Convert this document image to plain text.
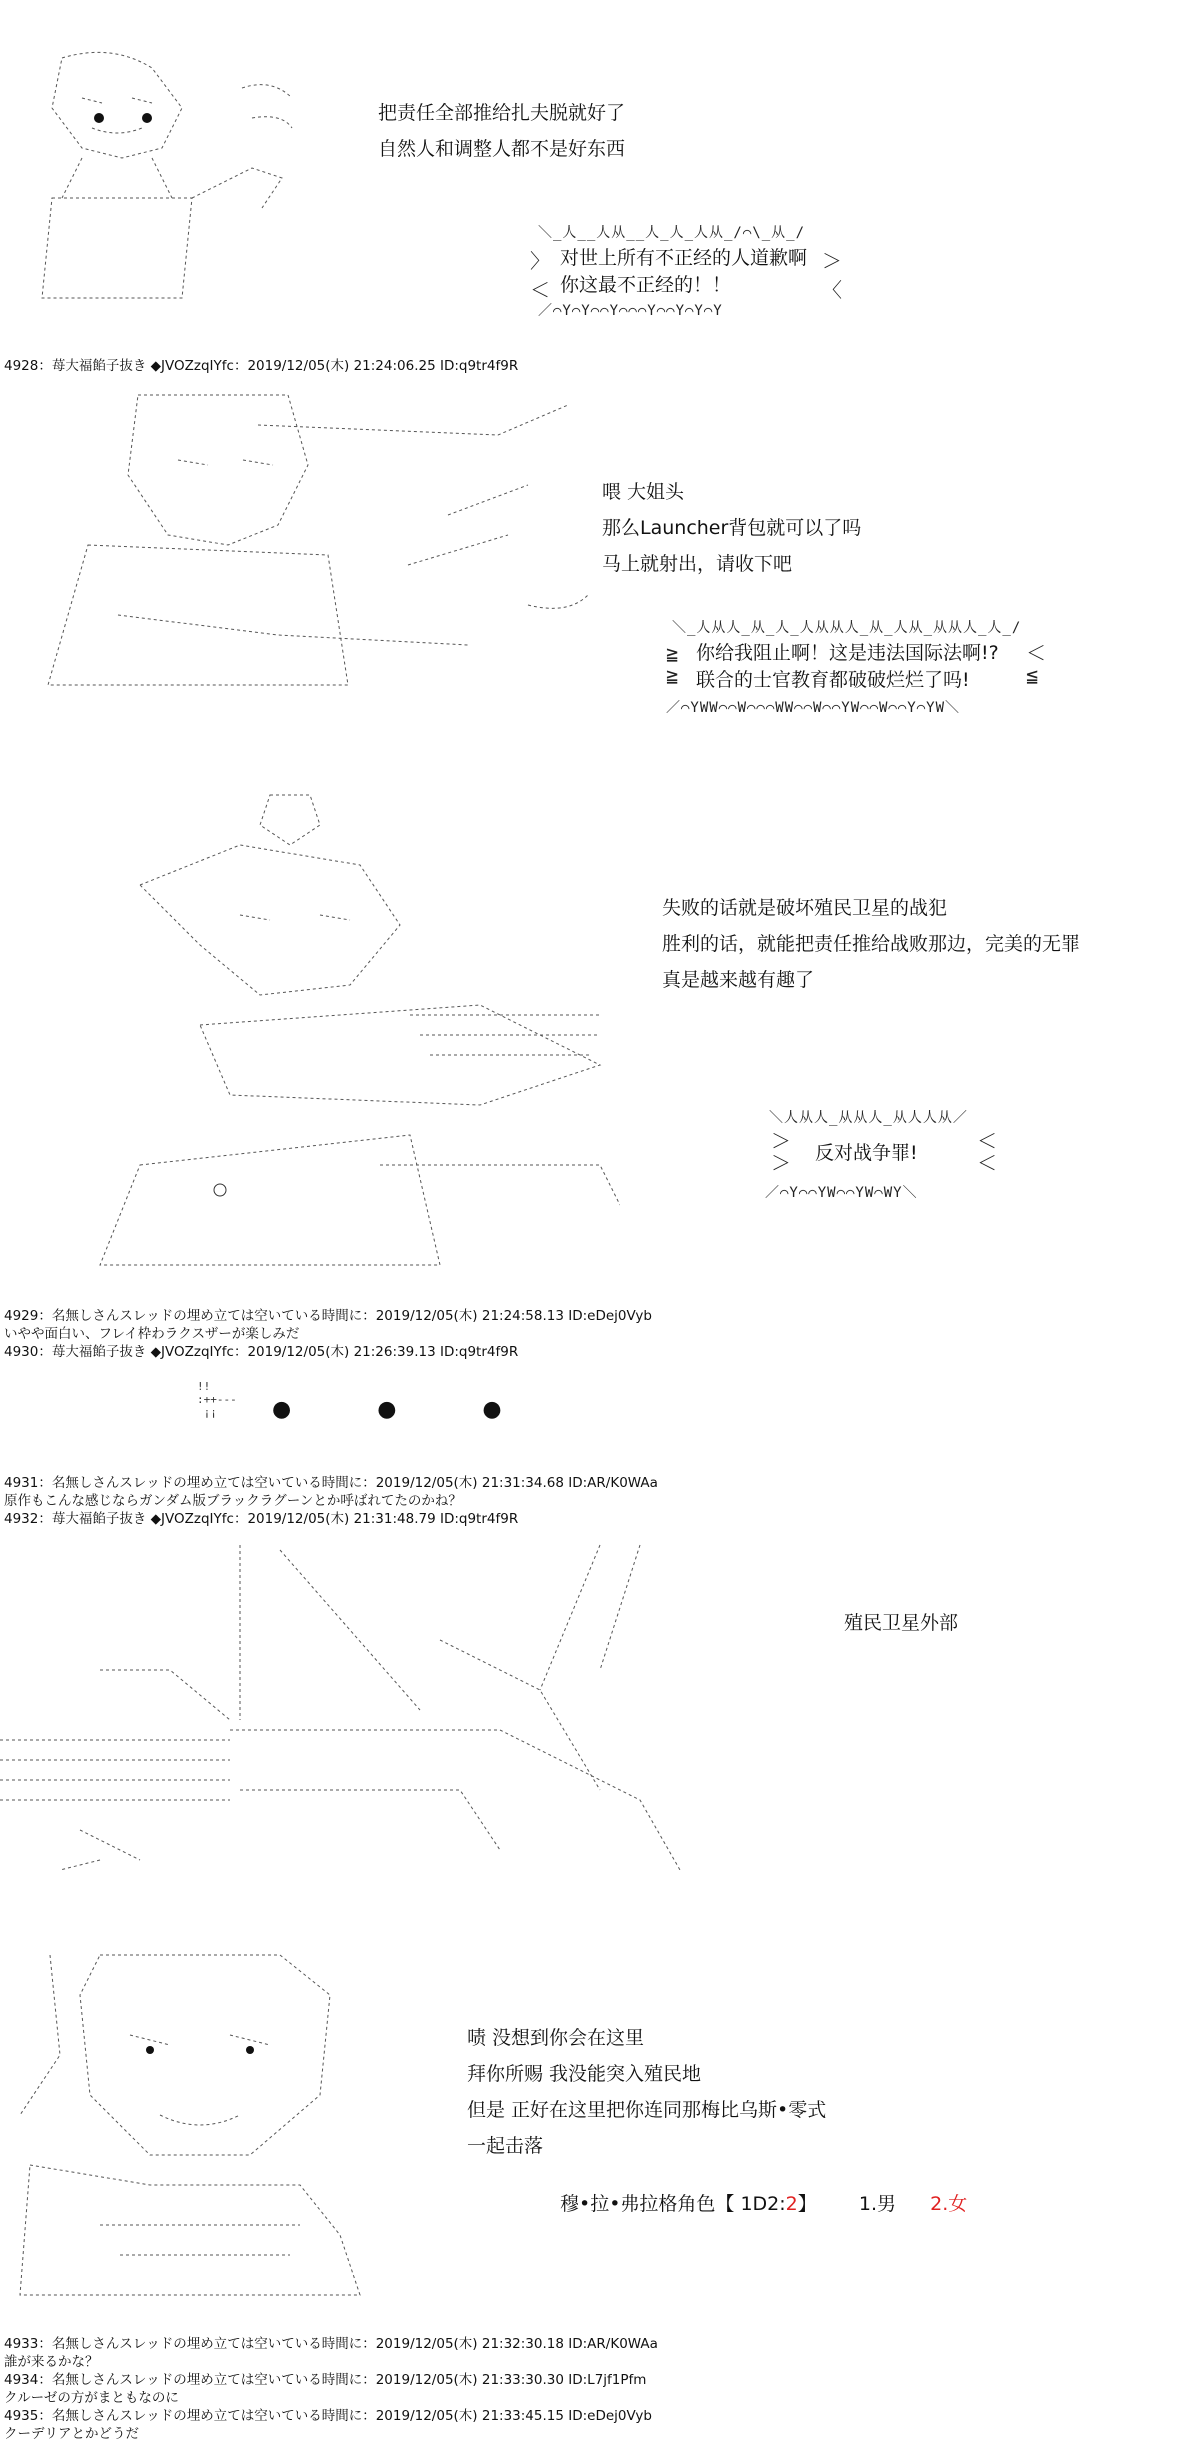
把责任全部推给扎夫脱就好了
自然人和调整人都不是好东西
＼_人__人从__人_人_人从_/⌒\_从_/
〉
＜
对世上所有不正经的人道歉啊
你这最不正经的！！
＞
〈
／⌒Y⌒Y⌒⌒Y⌒⌒⌒Y⌒⌒Y⌒Y⌒Y
4928：苺大福餡子抜き ◆JVOZzqIYfc：2019/12/05(木) 21:24:06.25 ID:q9tr4f9R
喂 大姐头
那么Launcher背包就可以了吗
马上就射出，请收下吧
＼_人从人_从_人_人从从人_从_人从_从从人_人_/
≧
≧
你给我阻止啊！这是违法国际法啊!?
联合的士官教育都破破烂烂了吗!
＜
≦
／⌒YWW⌒⌒W⌒⌒⌒WW⌒⌒W⌒⌒YW⌒⌒W⌒⌒Y⌒YW＼
失败的话就是破坏殖民卫星的战犯
胜利的话，就能把责任推给战败那边，完美的无罪
真是越来越有趣了
＼人从人_从从人_从人人从／
＞
＞ 反对战争罪!	＜
＜
／⌒Y⌒⌒YW⌒⌒YW⌒WY＼
4929：名無しさんスレッドの埋め立ては空いている時間に：2019/12/05(木) 21:24:58.13 ID:eDej0Vyb
いやや面白い、フレイ枠わラクスザーが楽しみだ
4930：苺大福餡子抜き ◆JVOZzqIYfc：2019/12/05(木) 21:26:39.13 ID:q9tr4f9R
!!
:++---
¡¡	●　　●　　●
4931：名無しさんスレッドの埋め立ては空いている時間に：2019/12/05(木) 21:31:34.68 ID:AR/K0WAa
原作もこんな感じならガンダム版ブラックラグーンとか呼ばれてたのかね？
4932：苺大福餡子抜き ◆JVOZzqIYfc：2019/12/05(木) 21:31:48.79 ID:q9tr4f9R
殖民卫星外部
啧 没想到你会在这里
拜你所赐 我没能突入殖民地
但是 正好在这里把你连同那梅比乌斯•零式
一起击落
穆•拉•弗拉格角色【 1D2:2】 1.男 2.女
4933：名無しさんスレッドの埋め立ては空いている時間に：2019/12/05(木) 21:32:30.18 ID:AR/K0WAa
誰が来るかな？
4934：名無しさんスレッドの埋め立ては空いている時間に：2019/12/05(木) 21:33:30.30 ID:L7jf1Pfm
クルーゼの方がまともなのに
4935：名無しさんスレッドの埋め立ては空いている時間に：2019/12/05(木) 21:33:45.15 ID:eDej0Vyb
クーデリアとかどうだ
